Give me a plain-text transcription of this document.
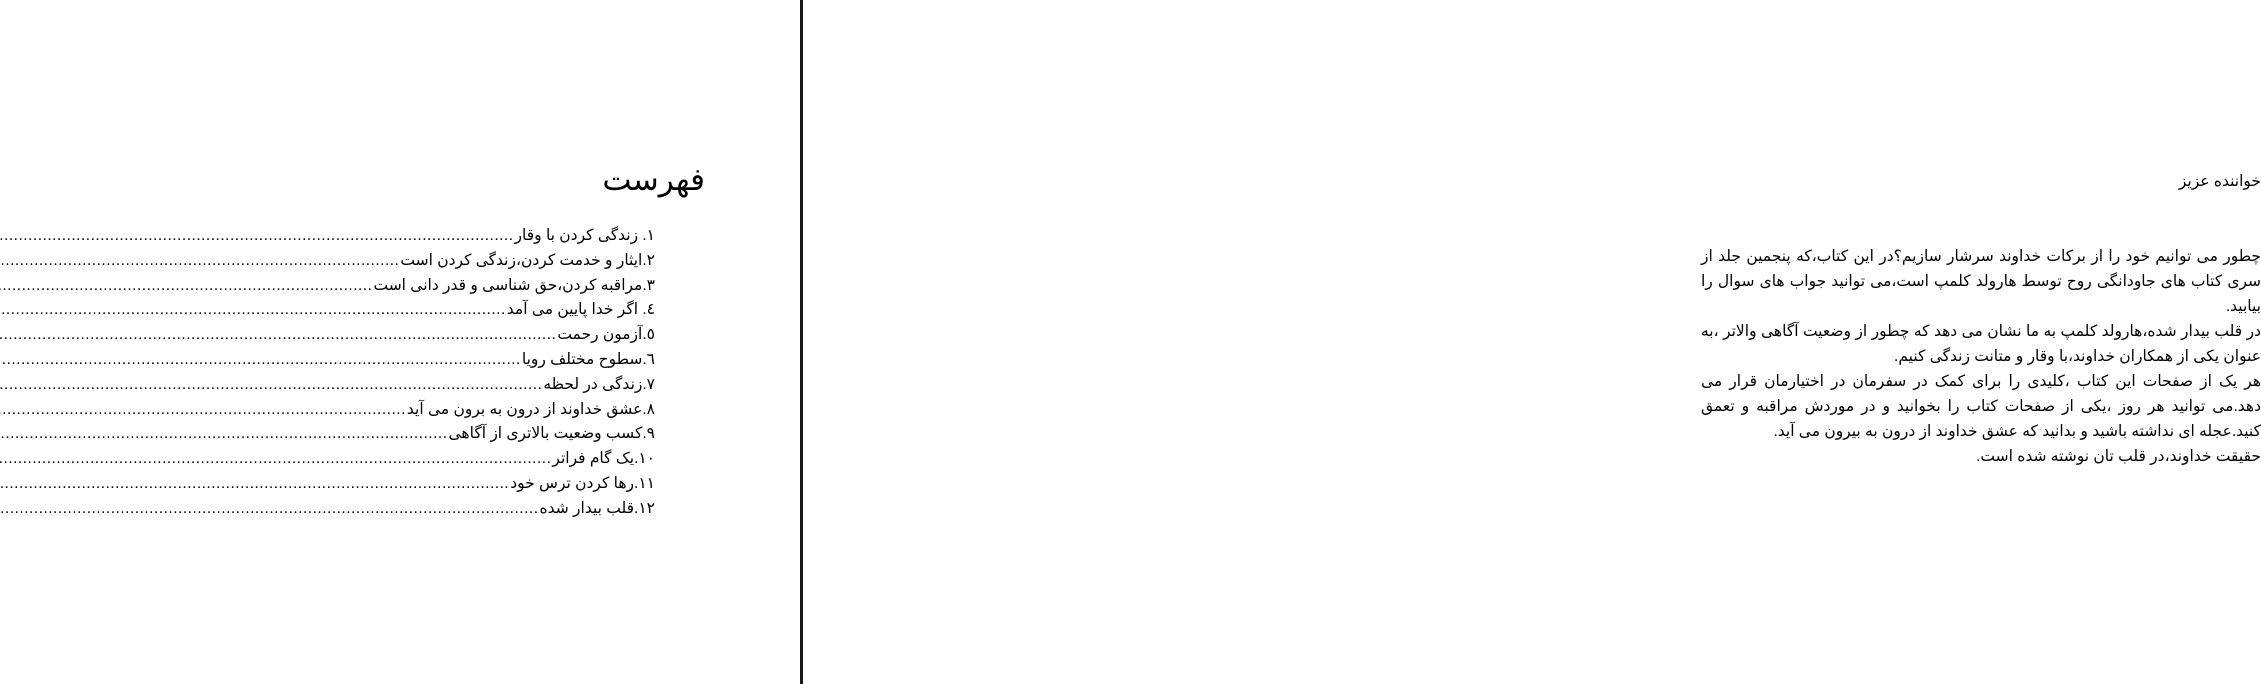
فهرست
۱. زندگی کردن با وقار
.....
۲.ایثار و خدمت کردن،زندگی کردن است
.....
۳.مراقبه کردن،حق شناسی و قدر دانی است
.....
٤. اگر خدا پایین می آمد
.....
٥.آزمون رحمت
.....
٦.سطوح مختلف رویا
.....
۷.زندگی در لحظه
.....
۸.عشق خداوند از درون به برون می آید
.....
۹.کسب وضعیت بالاتری از آگاهی
.....
۱۰.یک گام فراتر
.....
۱۱.رها کردن ترس خود
.....
۱۲.قلب بیدار شده
.....
خواننده عزیز

چطور می توانیم خود را از برکات خداوند سرشار سازیم؟در این کتاب،که پنجمین جلد از سری کتاب های جاودانگی روح توسط هارولد کلمپ است،می توانید جواب های سوال را بیابید.

در قلب بیدار شده،هارولد کلمپ به ما نشان می دهد که چطور از وضعیت آگاهی والاتر ،به عنوان یکی از همکاران خداوند،با وقار و متانت زندگی کنیم.

هر یک از صفحات این کتاب ،کلیدی را برای کمک در سفرمان در اختیارمان قرار می دهد.می توانید هر روز ،یکی از صفحات کتاب را بخوانید و در موردش مراقبه و تعمق کنید.عجله ای نداشته باشید و بدانید که عشق خداوند از درون به بیرون می آید.

حقیقت خداوند،در قلب تان نوشته شده است.
